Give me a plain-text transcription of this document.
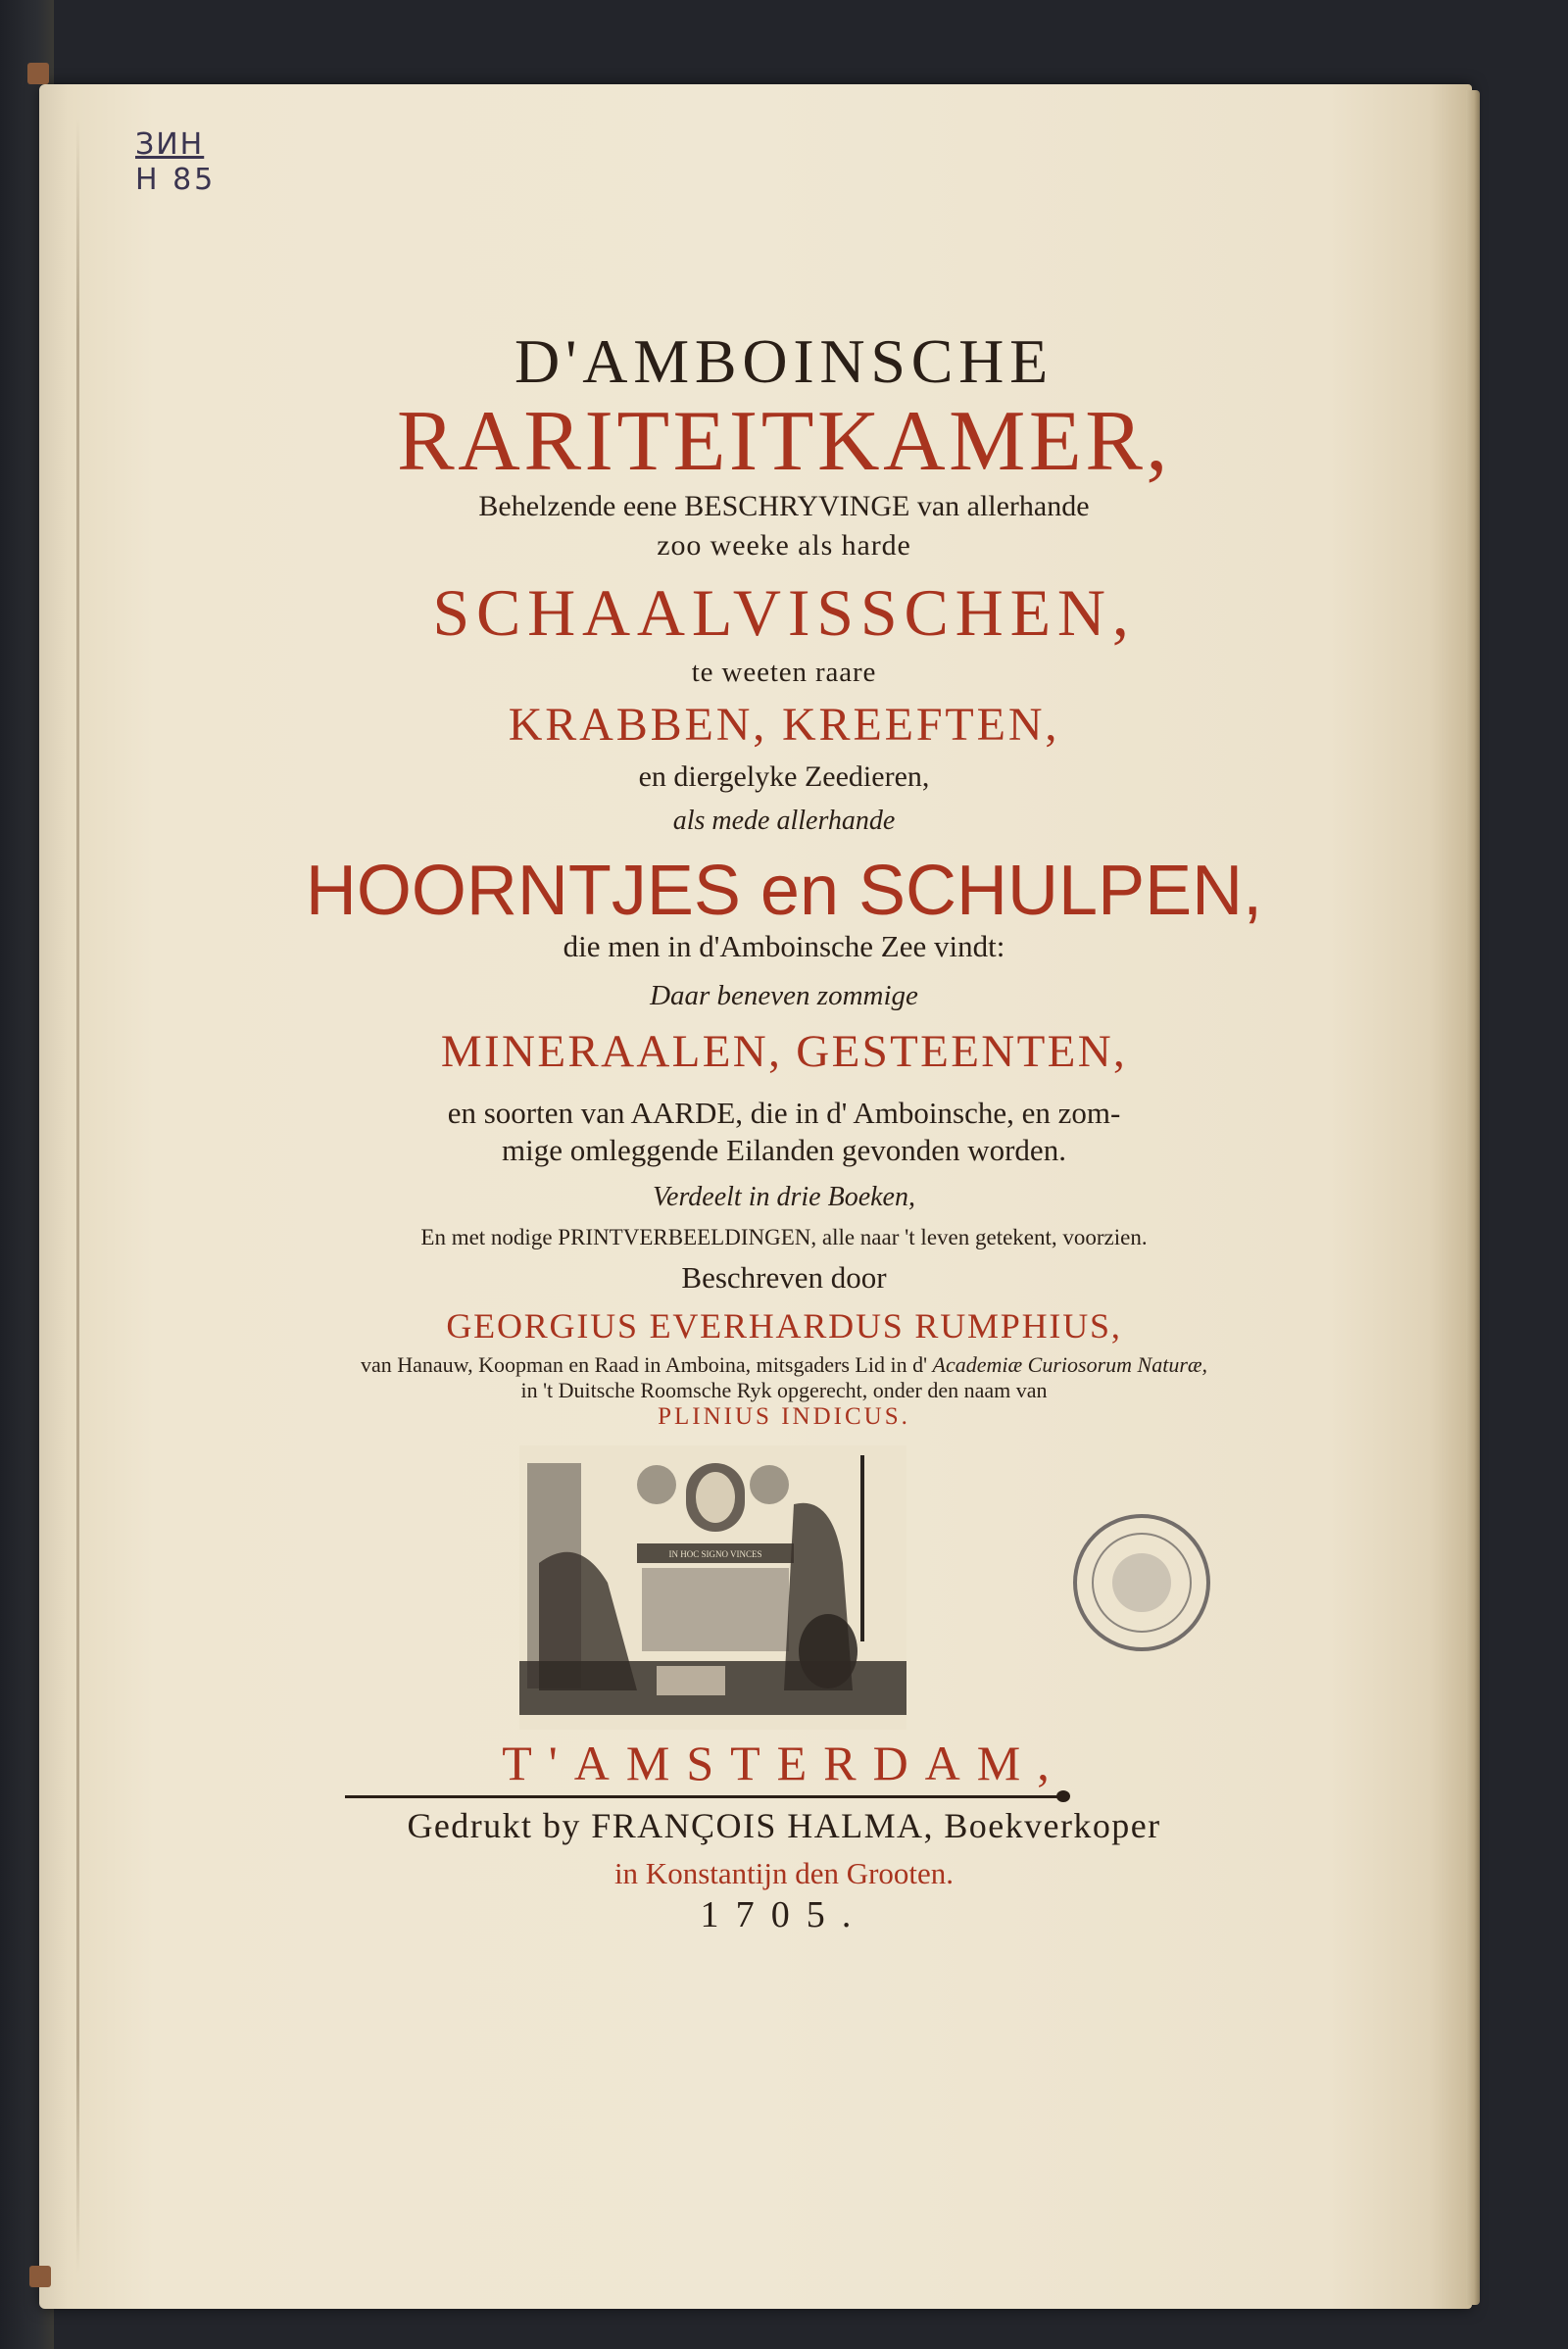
ЗИН
H 85
D'AMBOINSCHE
RARITEITKAMER,
Behelzende eene BESCHRYVINGE van allerhande
zoo weeke als harde
SCHAALVISSCHEN,
te weeten raare
KRABBEN, KREEFTEN,
en diergelyke Zeedieren,
als mede allerhande
HOORNTJES en SCHULPEN,
die men in d'Amboinsche Zee vindt:
Daar beneven zommige
MINERAALEN, GESTEENTEN,
en soorten van AARDE, die in d' Amboinsche, en zom-
mige omleggende Eilanden gevonden worden.
Verdeelt in drie Boeken,
En met nodige PRINTVERBEELDINGEN, alle naar 't leven getekent, voorzien.
Beschreven door
GEORGIUS EVERHARDUS RUMPHIUS,
van Hanauw, Koopman en Raad in Amboina, mitsgaders Lid in d' Academiæ Curiosorum Naturæ,
in 't Duitsche Roomsche Ryk opgerecht, onder den naam van
PLINIUS INDICUS.
IN HOC SIGNO VINCES
T'AMSTERDAM,
Gedrukt by FRANÇOIS HALMA, Boekverkoper
in Konstantijn den Grooten.
1705.
